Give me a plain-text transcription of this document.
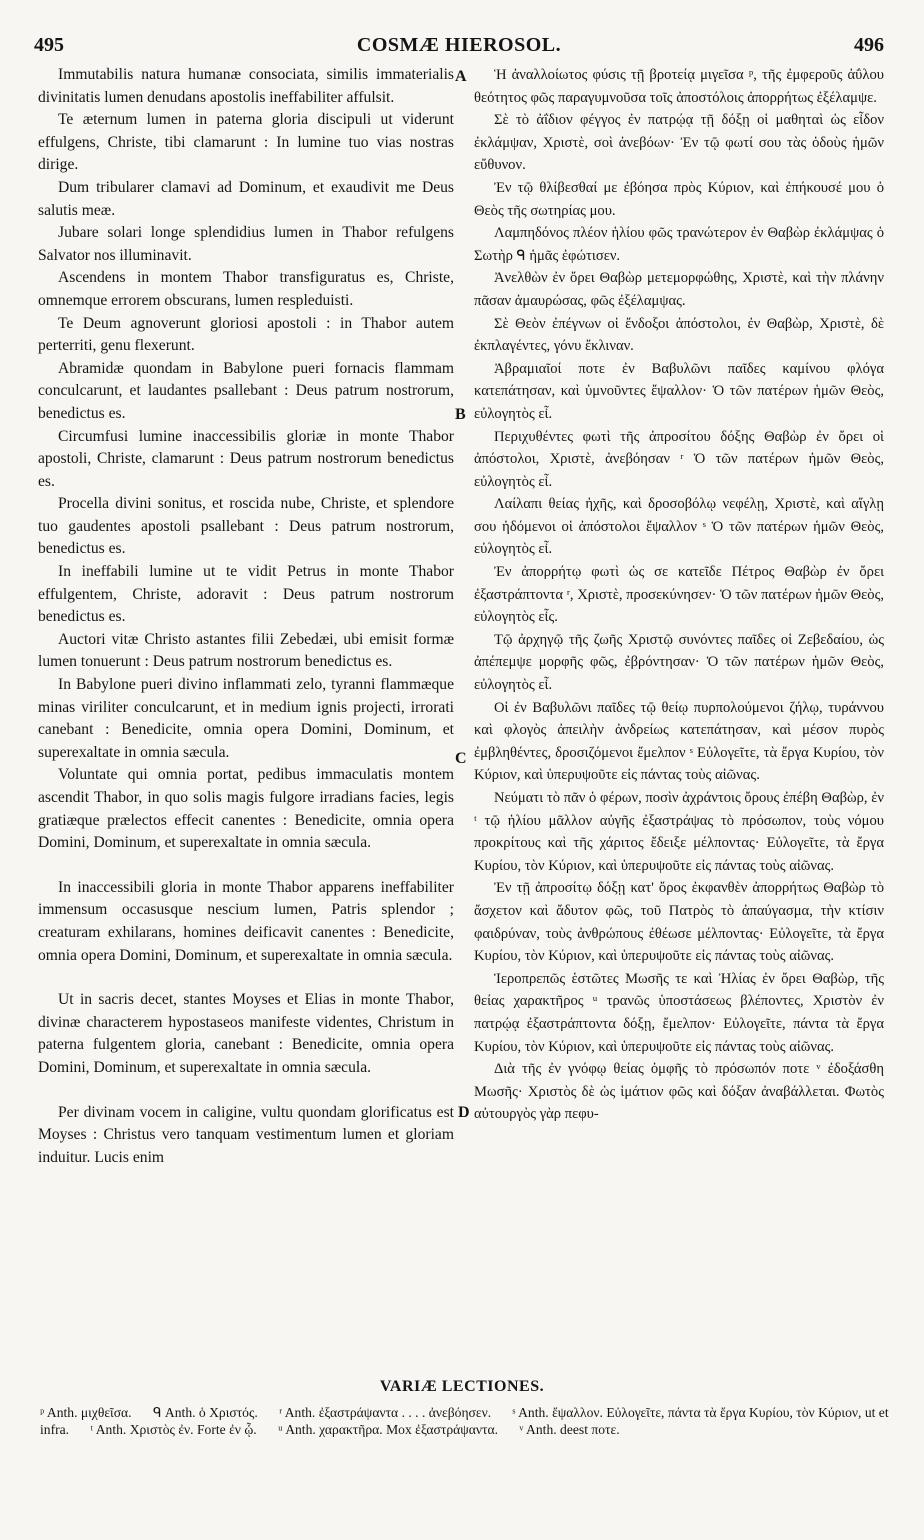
495	COSMÆ HIEROSOL.	496

Immutabilis natura humanæ consociata, similis immaterialis divinitatis lumen denudans apostolis ineffabiliter affulsit.

Te æternum lumen in paterna gloria discipuli ut viderunt effulgens, Christe, tibi clamarunt : In lumine tuo vias nostras dirige.

Dum tribularer clamavi ad Dominum, et exaudivit me Deus salutis meæ.

Jubare solari longe splendidius lumen in Thabor refulgens Salvator nos illuminavit.

Ascendens in montem Thabor transfiguratus es, Christe, omnemque errorem obscurans, lumen respleduisti.

Te Deum agnoverunt gloriosi apostoli : in Thabor autem perterriti, genu flexerunt.

Abramidæ quondam in Babylone pueri fornacis flammam conculcarunt, et laudantes psallebant : Deus patrum nostrorum, benedictus es.

Circumfusi lumine inaccessibilis gloriæ in monte Thabor apostoli, Christe, clamarunt : Deus patrum nostrorum benedictus es.

Procella divini sonitus, et roscida nube, Christe, et splendore tuo gaudentes apostoli psallebant : Deus patrum nostrorum, benedictus es.

In ineffabili lumine ut te vidit Petrus in monte Thabor effulgentem, Christe, adoravit : Deus patrum nostrorum benedictus es.

Auctori vitæ Christo astantes filii Zebedæi, ubi emisit formæ lumen tonuerunt : Deus patrum nostrorum benedictus es.

In Babylone pueri divino inflammati zelo, tyranni flammæque minas viriliter conculcarunt, et in medium ignis projecti, irrorati canebant : Benedicite, omnia opera Domini, Dominum, et superexaltate in omnia sæcula.

Voluntate qui omnia portat, pedibus immaculatis montem ascendit Thabor, in quo solis magis fulgore irradians facies, legis gratiæque prælectos effecit canentes : Benedicite, omnia opera Domini, Dominum, et superexaltate in omnia sæcula.

In inaccessibili gloria in monte Thabor apparens ineffabiliter immensum occasusque nescium lumen, Patris splendor ; creaturam exhilarans, homines deificavit canentes : Benedicite, omnia opera Domini, Dominum, et superexaltate in omnia sæcula.

Ut in sacris decet, stantes Moyses et Elias in monte Thabor, divinæ characterem hypostaseos manifeste videntes, Christum in paterna fulgentem gloria, canebant : Benedicite, omnia opera Domini, Dominum, et superexaltate in omnia sæcula.

Per divinam vocem in caligine, vultu quondam glorificatus est Moyses : Christus vero tanquam vestimentum lumen et gloriam induitur. Lucis enim

A
B
C
D

Ἡ ἀναλλοίωτος φύσις τῇ βροτείᾳ μιγεῖσα ᵖ, τῆς ἐμφεροῦς ἀΰλου θεότητος φῶς παραγυμνοῦσα τοῖς ἀποστόλοις ἀπορρήτως ἐξέλαμψε.

Σὲ τὸ ἀΐδιον φέγγος ἐν πατρῴᾳ τῇ δόξῃ οἱ μαθηταὶ ὡς εἶδον ἐκλάμψαν, Χριστὲ, σοὶ ἀνεβόων· Ἐν τῷ φωτί σου τὰς ὁδοὺς ἡμῶν εὔθυνον.

Ἐν τῷ θλίβεσθαί με ἐβόησα πρὸς Κύριον, καὶ ἐπήκουσέ μου ὁ Θεὸς τῆς σωτηρίας μου.

Λαμπηδόνος πλέον ἡλίου φῶς τρανώτερον ἐν Θαβὼρ ἐκλάμψας ὁ Σωτὴρ ᑫ ἡμᾶς ἐφώτισεν.

Ἀνελθὼν ἐν ὄρει Θαβὼρ μετεμορφώθης, Χριστὲ, καὶ τὴν πλάνην πᾶσαν ἀμαυρώσας, φῶς ἐξέλαμψας.

Σὲ Θεὸν ἐπέγνων οἱ ἔνδοξοι ἀπόστολοι, ἐν Θαβὼρ, Χριστὲ, δὲ ἐκπλαγέντες, γόνυ ἔκλιναν.

Ἀβραμιαῖοί ποτε ἐν Βαβυλῶνι παῖδες καμίνου φλόγα κατεπάτησαν, καὶ ὑμνοῦντες ἔψαλλον· Ὁ τῶν πατέρων ἡμῶν Θεὸς, εὐλογητὸς εἶ.

Περιχυθέντες φωτὶ τῆς ἀπροσίτου δόξης Θαβὼρ ἐν ὄρει οἱ ἀπόστολοι, Χριστὲ, ἀνεβόησαν ʳ Ὁ τῶν πατέρων ἡμῶν Θεὸς, εὐλογητὸς εἶ.

Λαίλαπι θείας ἠχῆς, καὶ δροσοβόλῳ νεφέλῃ, Χριστὲ, καὶ αἴγλῃ σου ἡδόμενοι οἱ ἀπόστολοι ἔψαλλον ˢ Ὁ τῶν πατέρων ἡμῶν Θεὸς, εὐλογητὸς εἶ.

Ἐν ἀπορρήτῳ φωτὶ ὡς σε κατεῖδε Πέτρος Θαβὼρ ἐν ὄρει ἐξαστράπτοντα ʳ, Χριστὲ, προσεκύνησεν· Ὁ τῶν πατέρων ἡμῶν Θεὸς, εὐλογητὸς εἶς.

Τῷ ἀρχηγῷ τῆς ζωῆς Χριστῷ συνόντες παῖδες οἱ Ζεβεδαίου, ὡς ἀπέπεμψε μορφῆς φῶς, ἐβρόντησαν· Ὁ τῶν πατέρων ἡμῶν Θεὸς, εὐλογητὸς εἶ.

Οἱ ἐν Βαβυλῶνι παῖδες τῷ θείῳ πυρπολούμενοι ζήλῳ, τυράννου καὶ φλογὸς ἀπειλὴν ἀνδρείως κατεπάτησαν, καὶ μέσον πυρὸς ἐμβληθέντες, δροσιζόμενοι ἔμελπον ˢ Εὐλογεῖτε, τὰ ἔργα Κυρίου, τὸν Κύριον, καὶ ὑπερυψοῦτε εἰς πάντας τοὺς αἰῶνας.

Νεύματι τὸ πᾶν ὁ φέρων, ποσὶν ἀχράντοις ὄρους ἐπέβη Θαβὼρ, ἐν ᵗ τῷ ἡλίου μᾶλλον αὐγῆς ἐξαστράψας τὸ πρόσωπον, τοὺς νόμου προκρίτους καὶ τῆς χάριτος ἔδειξε μέλποντας· Εὐλογεῖτε, τὰ ἔργα Κυρίου, τὸν Κύριον, καὶ ὑπερυψοῦτε εἰς πάντας τοὺς αἰῶνας.

Ἐν τῇ ἀπροσίτῳ δόξῃ κατ' ὄρος ἐκφανθὲν ἀπορρήτως Θαβὼρ τὸ ἄσχετον καὶ ἄδυτον φῶς, τοῦ Πατρὸς τὸ ἀπαύγασμα, τὴν κτίσιν φαιδρύναν, τοὺς ἀνθρώπους ἐθέωσε μέλποντας· Εὐλογεῖτε, τὰ ἔργα Κυρίου, τὸν Κύριον, καὶ ὑπερυψοῦτε εἰς πάντας τοὺς αἰῶνας.

Ἱεροπρεπῶς ἑστῶτες Μωσῆς τε καὶ Ἠλίας ἐν ὄρει Θαβὼρ, τῆς θείας χαρακτῆρος ᵘ τρανῶς ὑποστάσεως βλέποντες, Χριστὸν ἐν πατρῴᾳ ἐξαστράπτοντα δόξῃ, ἔμελπον· Εὐλογεῖτε, πάντα τὰ ἔργα Κυρίου, τὸν Κύριον, καὶ ὑπερυψοῦτε εἰς πάντας τοὺς αἰῶνας.

Διὰ τῆς ἐν γνόφῳ θείας ὀμφῆς τὸ πρόσωπόν ποτε ᵛ ἐδοξάσθη Μωσῆς· Χριστὸς δὲ ὡς ἱμάτιον φῶς καὶ δόξαν ἀναβάλλεται. Φωτὸς αὐτουργὸς γὰρ πεφυ-

VARIÆ LECTIONES.
ᵖ Anth. μιχθεῖσα. ᑫ Anth. ὁ Χριστός. ʳ Anth. ἐξαστράψαντα . . . . ἀνεβόησεν. ˢ Anth. ἔψαλλον. Εὐλογεῖτε, πάντα τὰ ἔργα Κυρίου, τὸν Κύριον, ut et infra. ᵗ Anth. Χριστὸς ἐν. Forte ἐν ᾧ. ᵘ Anth. χαρακτῆρα. Mox ἐξαστράψαντα. ᵛ Anth. deest ποτε.
